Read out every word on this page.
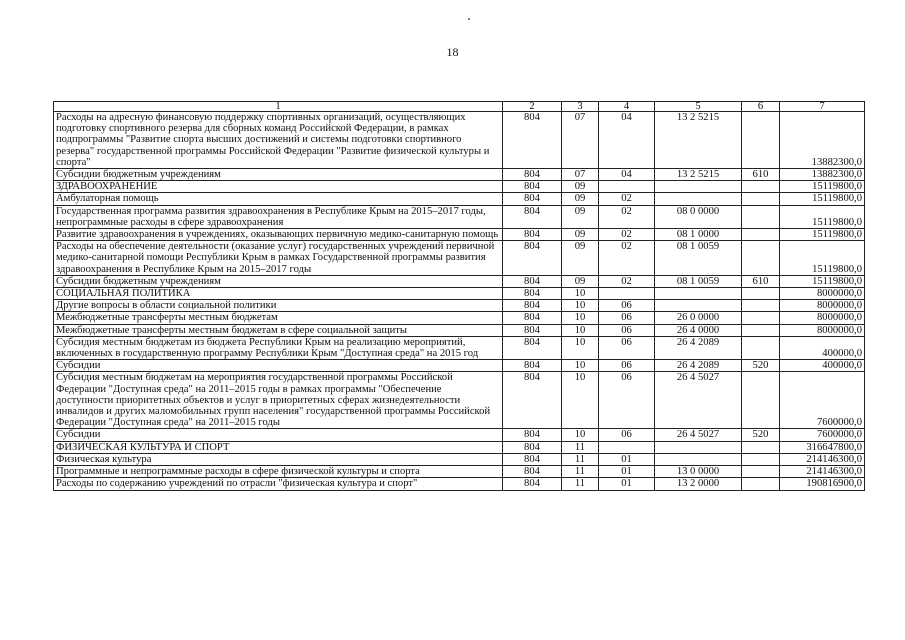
18
1	2	3	4	5	6	7
Расходы на адресную финансовую поддержку спортивных организаций, осуществляющих подготовку спортивного резерва для сборных команд Российской Федерации, в рамках подпрограммы "Развитие спорта высших достижений и системы подготовки спортивного резерва" государственной программы Российской Федерации "Развитие физической культуры и спорта"	804	07	04	13 2 5215		13882300,0
Субсидии бюджетным учреждениям	804	07	04	13 2 5215	610	13882300,0
ЗДРАВООХРАНЕНИЕ	804	09				15119800,0
Амбулаторная помощь	804	09	02			15119800,0
Государственная программа развития здравоохранения в Республике Крым на 2015–2017 годы, непрограммные расходы в сфере здравоохранения	804	09	02	08 0 0000		15119800,0
Развитие здравоохранения в учреждениях, оказывающих первичную медико-санитарную помощь	804	09	02	08 1 0000		15119800,0
Расходы на обеспечение деятельности (оказание услуг) государственных учреждений первичной медико-санитарной помощи Республики Крым в рамках Государственной программы развития здравоохранения в Республике Крым на 2015–2017 годы	804	09	02	08 1 0059		15119800,0
Субсидии бюджетным учреждениям	804	09	02	08 1 0059	610	15119800,0
СОЦИАЛЬНАЯ ПОЛИТИКА	804	10				8000000,0
Другие вопросы в области социальной политики	804	10	06			8000000,0
Межбюджетные трансферты местным бюджетам	804	10	06	26 0 0000		8000000,0
Межбюджетные трансферты местным бюджетам в сфере социальной защиты	804	10	06	26 4 0000		8000000,0
Субсидия местным бюджетам из бюджета Республики Крым на реализацию мероприятий, включенных в государственную программу Республики Крым "Доступная среда" на 2015 год	804	10	06	26 4 2089		400000,0
Субсидии	804	10	06	26 4 2089	520	400000,0
Субсидия местным бюджетам на мероприятия государственной программы Российской Федерации "Доступная среда" на 2011–2015 годы в рамках программы "Обеспечение доступности приоритетных объектов и услуг в приоритетных сферах жизнедеятельности инвалидов и других маломобильных групп населения" государственной программы Российской Федерации "Доступная среда" на 2011–2015 годы	804	10	06	26 4 5027		7600000,0
Субсидии	804	10	06	26 4 5027	520	7600000,0
ФИЗИЧЕСКАЯ КУЛЬТУРА И СПОРТ	804	11				316647800,0
Физическая культура	804	11	01			214146300,0
Программные и непрограммные расходы в сфере физической культуры и спорта	804	11	01	13 0 0000		214146300,0
Расходы по содержанию учреждений по отрасли "физическая культура и спорт"	804	11	01	13 2 0000		190816900,0
